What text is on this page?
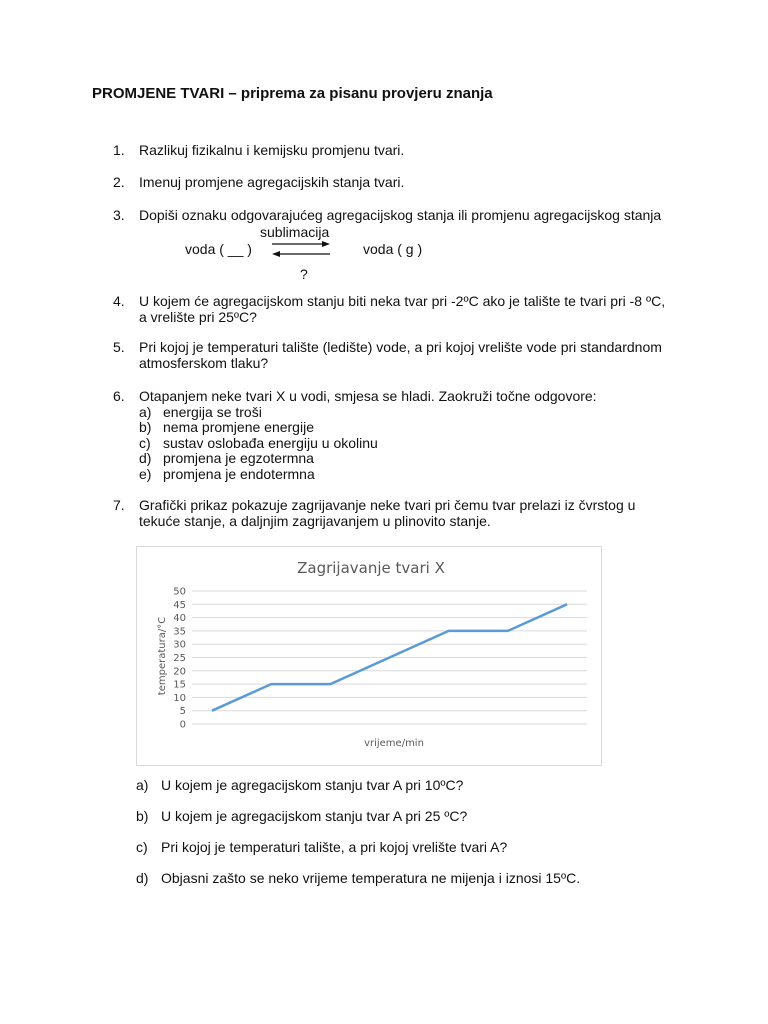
PROMJENE TVARI – priprema za pisanu provjeru znanja
1.	Razlikuj fizikalnu i kemijsku promjenu tvari.
2.	Imenuj promjene agregacijskih stanja tvari.
3.	Dopiši oznaku odgovarajućeg agregacijskog stanja ili promjenu agregacijskog stanja
sublimacija
voda ( __ )	voda ( g )
?
4.	U kojem će agregacijskom stanju biti neka tvar pri -2ºC ako je talište te tvari pri -8 ºC,
a vrelište pri 25ºC?
5.	Pri kojoj je temperaturi talište (ledište) vode, a pri kojoj vrelište vode pri standardnom
atmosferskom tlaku?
6.	Otapanjem neke tvari X u vodi, smjesa se hladi. Zaokruži točne odgovore:
a) energija se troši
b) nema promjene energije
c) sustav oslobađa energiju u okolinu
d) promjena je egzotermna
e) promjena je endotermna
7.	Grafički prikaz pokazuje zagrijavanje neke tvari pri čemu tvar prelazi iz čvrstog u
tekuće stanje, a daljnjim zagrijavanjem u plinovito stanje.
Zagrijavanje tvari X
vrijeme/min
temperatura/°C
0
5
10
15
20
25
30
35
40
45
50
a) U kojem je agregacijskom stanju tvar A pri 10ºC?
b) U kojem je agregacijskom stanju tvar A pri 25 ºC?
c) Pri kojoj je temperaturi talište, a pri kojoj vrelište tvari A?
d) Objasni zašto se neko vrijeme temperatura ne mijenja i iznosi 15ºC.
